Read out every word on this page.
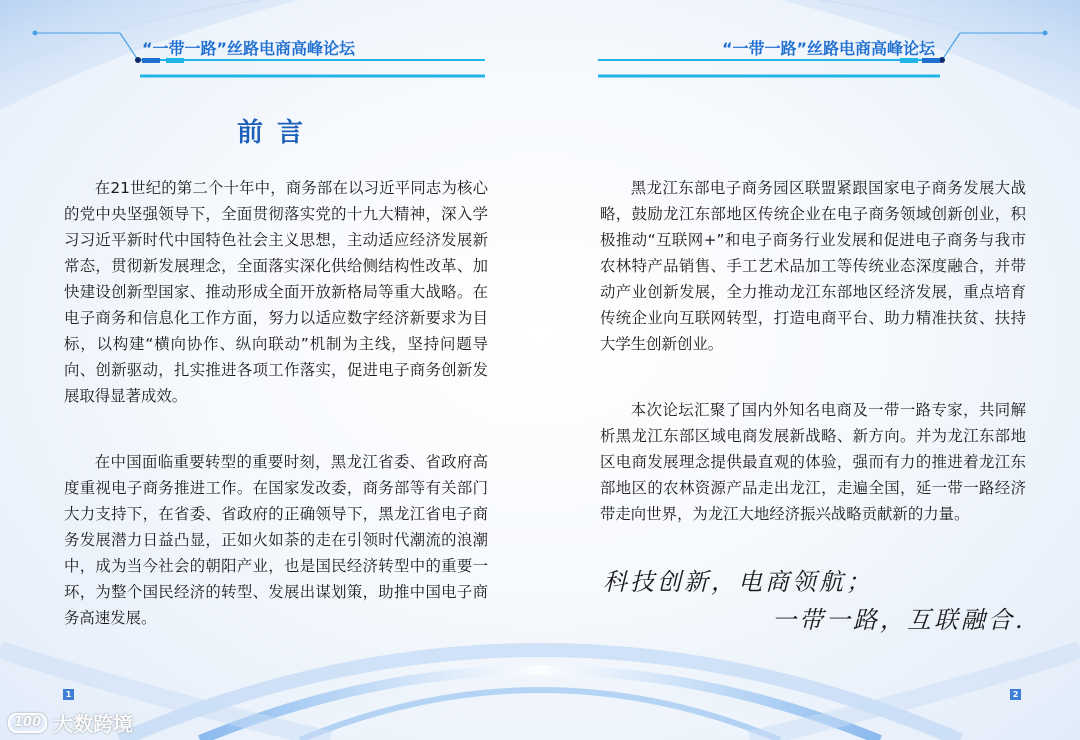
“一带一路”丝路电商高峰论坛
前言

在21世纪的第二个十年中，商务部在以习近平同志为核心的党中央坚强领导下，全面贯彻落实党的十九大精神，深入学习习近平新时代中国特色社会主义思想，主动适应经济发展新常态，贯彻新发展理念，全面落实深化供给侧结构性改革、加快建设创新型国家、推动形成全面开放新格局等重大战略。在电子商务和信息化工作方面，努力以适应数字经济新要求为目标，以构建“横向协作、纵向联动”机制为主线，坚持问题导向、创新驱动，扎实推进各项工作落实，促进电子商务创新发展取得显著成效。

在中国面临重要转型的重要时刻，黑龙江省委、省政府高度重视电子商务推进工作。在国家发改委，商务部等有关部门大力支持下，在省委、省政府的正确领导下，黑龙江省电子商务发展潜力日益凸显，正如火如荼的走在引领时代潮流的浪潮中，成为当今社会的朝阳产业，也是国民经济转型中的重要一环，为整个国民经济的转型、发展出谋划策，助推中国电子商务高速发展。

1
“一带一路”丝路电商高峰论坛

黑龙江东部电子商务园区联盟紧跟国家电子商务发展大战略，鼓励龙江东部地区传统企业在电子商务领域创新创业，积极推动“互联网+”和电子商务行业发展和促进电子商务与我市农林特产品销售、手工艺术品加工等传统业态深度融合，并带动产业创新发展，全力推动龙江东部地区经济发展，重点培育传统企业向互联网转型，打造电商平台、助力精准扶贫、扶持大学生创新创业。

本次论坛汇聚了国内外知名电商及一带一路专家，共同解析黑龙江东部区域电商发展新战略、新方向。并为龙江东部地区电商发展理念提供最直观的体验，强而有力的推进着龙江东部地区的农林资源产品走出龙江，走遍全国，延一带一路经济带走向世界，为龙江大地经济振兴战略贡献新的力量。

科技创新，电商领航；
一带一路，互联融合.
2
100 大数跨境
